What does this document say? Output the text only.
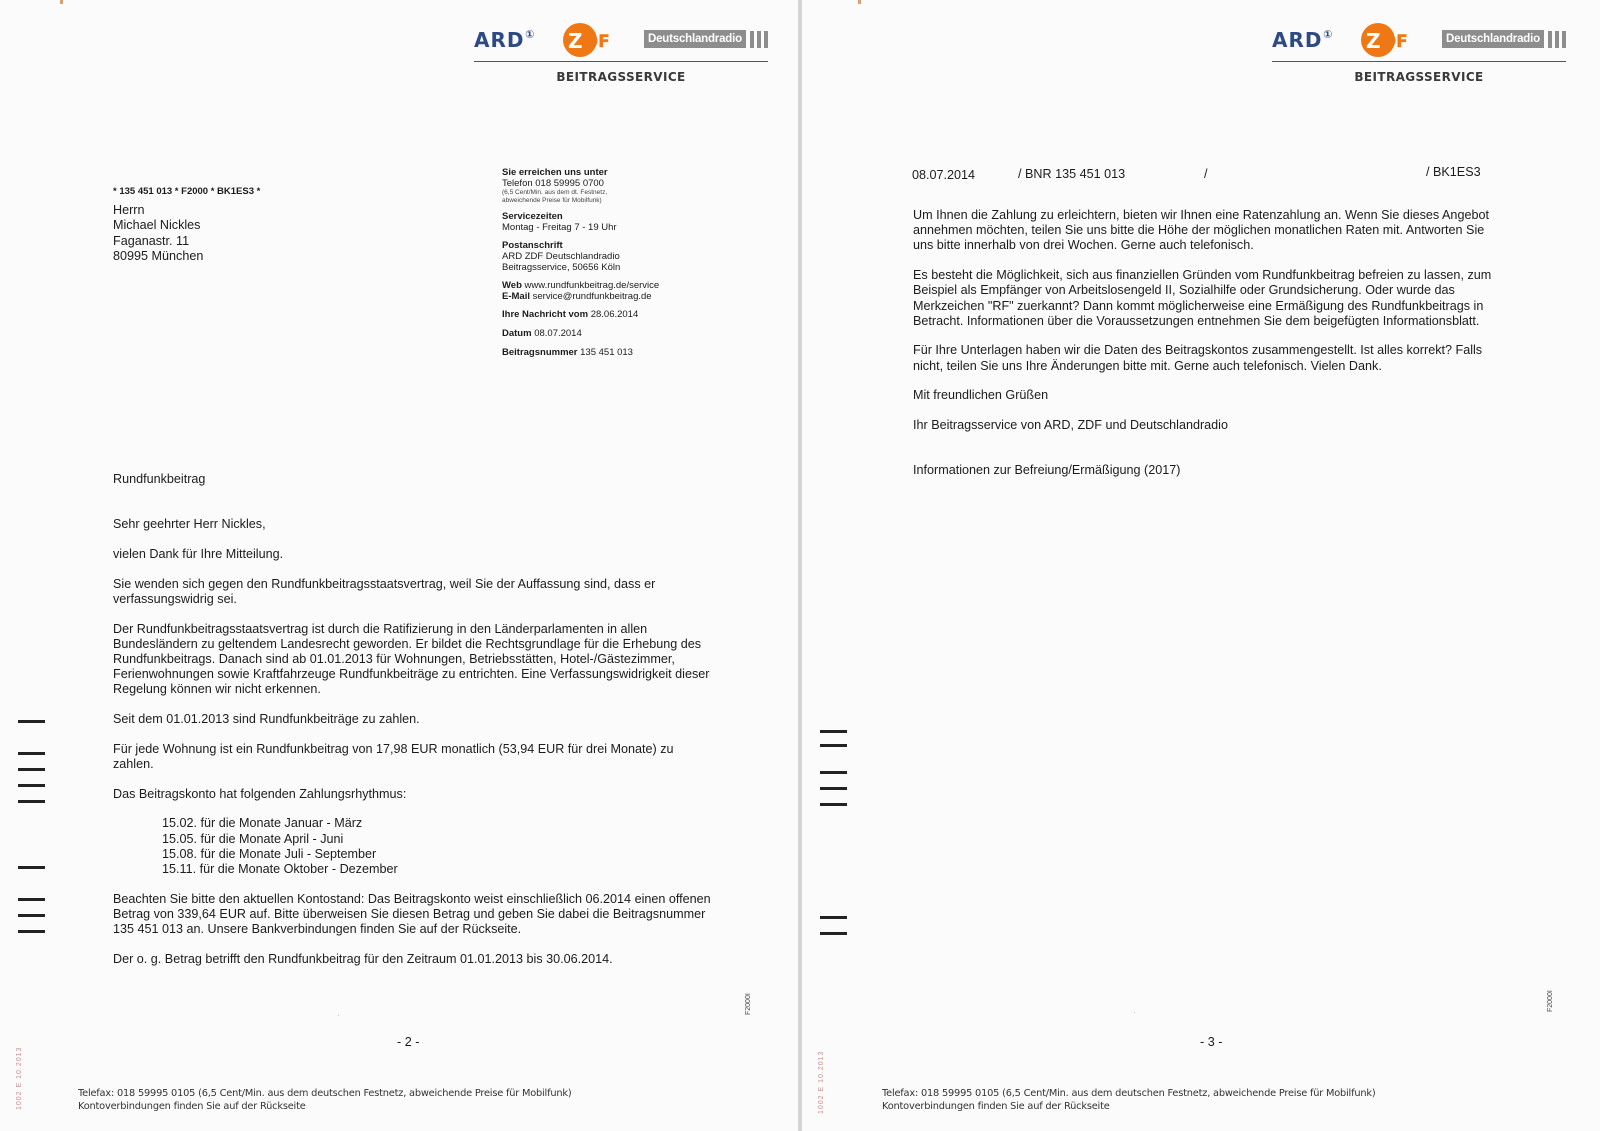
ARD ① Z DF	Deutschlandradio
BEITRAGSSERVICE
* 135 451 013 * F2000 * BK1ES3 *
Herrn
Michael Nickles
Faganastr. 11
80995 München
Sie erreichen uns unter
Telefon 018 59995 0700
(6,5 Cent/Min. aus dem dt. Festnetz,
abweichende Preise für Mobilfunk)
Servicezeiten
Montag - Freitag 7 - 19 Uhr
Postanschrift
ARD ZDF Deutschlandradio
Beitragsservice, 50656 Köln
Web www.rundfunkbeitrag.de/service
E-Mail service@rundfunkbeitrag.de
Ihre Nachricht vom 28.06.2014
Datum 08.07.2014
Beitragsnummer 135 451 013

Rundfunkbeitrag

Sehr geehrter Herr Nickles,

vielen Dank für Ihre Mitteilung.

Sie wenden sich gegen den Rundfunkbeitragsstaatsvertrag, weil Sie der Auffassung sind, dass er verfassungswidrig sei.

Der Rundfunkbeitragsstaatsvertrag ist durch die Ratifizierung in den Länderparlamenten in allen Bundesländern zu geltendem Landesrecht geworden. Er bildet die Rechtsgrundlage für die Erhebung des Rundfunkbeitrags. Danach sind ab 01.01.2013 für Wohnungen, Betriebsstätten, Hotel-/Gästezimmer, Ferienwohnungen sowie Kraftfahrzeuge Rundfunkbeiträge zu entrichten. Eine Verfassungswidrigkeit dieser Regelung können wir nicht erkennen.

Seit dem 01.01.2013 sind Rundfunkbeiträge zu zahlen.

Für jede Wohnung ist ein Rundfunkbeitrag von 17,98 EUR monatlich (53,94 EUR für drei Monate) zu zahlen.

Das Beitragskonto hat folgenden Zahlungsrhythmus:

15.02. für die Monate Januar - März
15.05. für die Monate April - Juni
15.08. für die Monate Juli - September
15.11. für die Monate Oktober - Dezember

Beachten Sie bitte den aktuellen Kontostand: Das Beitragskonto weist einschließlich 06.2014 einen offenen Betrag von 339,64 EUR auf. Bitte überweisen Sie diesen Betrag und geben Sie dabei die Beitragsnummer 135 451 013 an. Unsere Bankverbindungen finden Sie auf der Rückseite.

Der o. g. Betrag betrifft den Rundfunkbeitrag für den Zeitraum 01.01.2013 bis 30.06.2014.

F2000I
1002 E 10.2013
·
- 2 -
Telefax: 018 59995 0105 (6,5 Cent/Min. aus dem deutschen Festnetz, abweichende Preise für Mobilfunk)
Kontoverbindungen finden Sie auf der Rückseite
ARD ① Z DF	Deutschlandradio
BEITRAGSSERVICE
08.07.2014	/ BNR 135 451 013	/	/ BK1ES3

Um Ihnen die Zahlung zu erleichtern, bieten wir Ihnen eine Ratenzahlung an. Wenn Sie dieses Angebot annehmen möchten, teilen Sie uns bitte die Höhe der möglichen monatlichen Raten mit. Antworten Sie uns bitte innerhalb von drei Wochen. Gerne auch telefonisch.

Es besteht die Möglichkeit, sich aus finanziellen Gründen vom Rundfunkbeitrag befreien zu lassen, zum Beispiel als Empfänger von Arbeitslosengeld II, Sozialhilfe oder Grundsicherung. Oder wurde das Merkzeichen "RF" zuerkannt? Dann kommt möglicherweise eine Ermäßigung des Rundfunkbeitrags in Betracht. Informationen über die Voraussetzungen entnehmen Sie dem beigefügten Informationsblatt.

Für Ihre Unterlagen haben wir die Daten des Beitragskontos zusammengestellt. Ist alles korrekt? Falls nicht, teilen Sie uns Ihre Änderungen bitte mit. Gerne auch telefonisch. Vielen Dank.

Mit freundlichen Grüßen

Ihr Beitragsservice von ARD, ZDF und Deutschlandradio

Informationen zur Befreiung/Ermäßigung (2017)

F2000I
1002 E 10.2013
·
- 3 -
Telefax: 018 59995 0105 (6,5 Cent/Min. aus dem deutschen Festnetz, abweichende Preise für Mobilfunk)
Kontoverbindungen finden Sie auf der Rückseite
